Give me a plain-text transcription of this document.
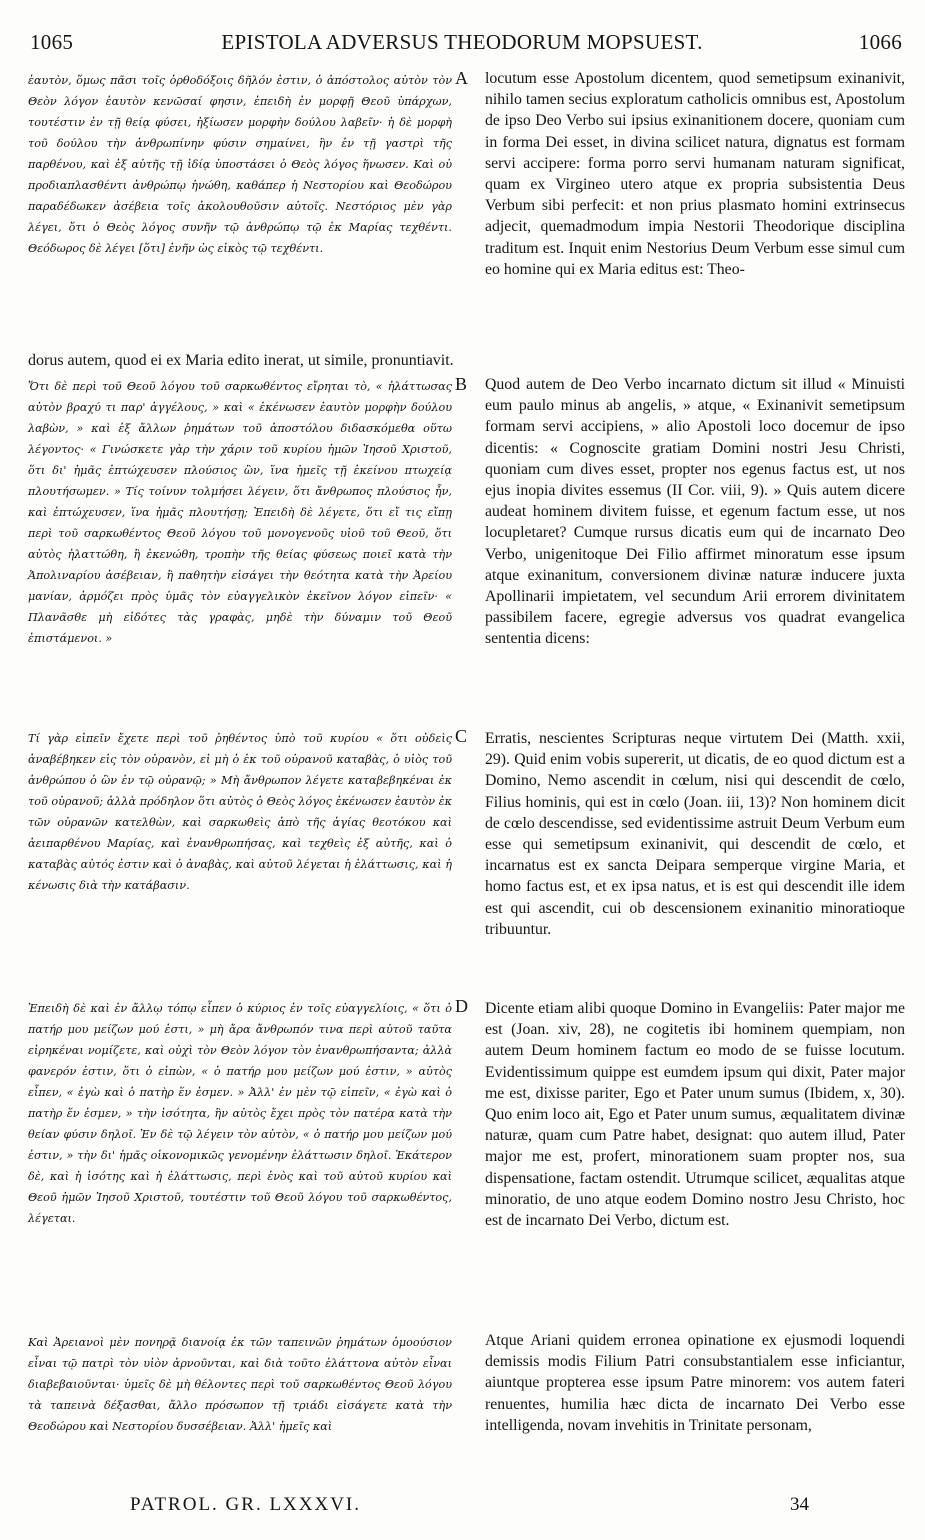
1065	EPISTOLA ADVERSUS THEODORUM MOPSUEST.	1066
ἑαυτὸν, ὅμως πᾶσι τοῖς ὀρθοδόξοις δῆλόν ἐστιν, ὁ ἀπόστολος αὐτὸν τὸν Θεὸν λόγον ἑαυτὸν κενῶσαί φησιν, ἐπειδὴ ἐν μορφῇ Θεοῦ ὑπάρχων, τουτέστιν ἐν τῇ θείᾳ φύσει, ἠξίωσεν μορφὴν δούλου λαβεῖν· ἡ δὲ μορφὴ τοῦ δούλου τὴν ἀνθρωπίνην φύσιν σημαίνει, ἣν ἐν τῇ γαστρὶ τῆς παρθένου, καὶ ἐξ αὐτῆς τῇ ἰδίᾳ ὑποστάσει ὁ Θεὸς λόγος ἥνωσεν. Καὶ οὐ προδιαπλασθέντι ἀνθρώπῳ ἡνώθη, καθάπερ ἡ Νεστορίου καὶ Θεοδώρου παραδέδωκεν ἀσέβεια τοῖς ἀκολουθοῦσιν αὐτοῖς. Νεστόριος μὲν γὰρ λέγει, ὅτι ὁ Θεὸς λόγος συνῆν τῷ ἀνθρώπῳ τῷ ἐκ Μαρίας τεχθέντι. Θεόδωρος δὲ λέγει [ὅτι] ἐνῆν ὡς εἰκὸς τῷ τεχθέντι.
A locutum esse Apostolum dicentem, quod semetipsum exinanivit, nihilo tamen secius exploratum catholicis omnibus est, Apostolum de ipso Deo Verbo sui ipsius exinanitionem docere, quoniam cum in forma Dei esset, in divina scilicet natura, dignatus est formam servi accipere: forma porro servi humanam naturam significat, quam ex Virgineo utero atque ex propria subsistentia Deus Verbum sibi perfecit: et non prius plasmato homini extrinsecus adjecit, quemadmodum impia Nestorii Theodorique disciplina traditum est. Inquit enim Nestorius Deum Verbum esse simul cum eo homine qui ex Maria editus est: Theo-
dorus autem, quod ei ex Maria edito inerat, ut simile, pronuntiavit.
Ὅτι δὲ περὶ τοῦ Θεοῦ λόγου τοῦ σαρκωθέντος εἴρηται τὸ, « ἠλάττωσας αὐτὸν βραχύ τι παρ' ἀγγέλους, » καὶ « ἐκένωσεν ἑαυτὸν μορφὴν δούλου λαβὼν, » καὶ ἐξ ἄλλων ῥημάτων τοῦ ἀποστόλου διδασκόμεθα οὕτω λέγοντος· « Γινώσκετε γὰρ τὴν χάριν τοῦ κυρίου ἡμῶν Ἰησοῦ Χριστοῦ, ὅτι δι' ἡμᾶς ἐπτώχευσεν πλούσιος ὢν, ἵνα ἡμεῖς τῇ ἐκείνου πτωχείᾳ πλουτήσωμεν. » Τίς τοίνυν τολμήσει λέγειν, ὅτι ἄνθρωπος πλούσιος ἦν, καὶ ἐπτώχευσεν, ἵνα ἡμᾶς πλουτήσῃ; Ἐπειδὴ δὲ λέγετε, ὅτι εἴ τις εἴπῃ περὶ τοῦ σαρκωθέντος Θεοῦ λόγου τοῦ μονογενοῦς υἱοῦ τοῦ Θεοῦ, ὅτι αὐτὸς ἠλαττώθη, ἢ ἐκενώθη, τροπὴν τῆς θείας φύσεως ποιεῖ κατὰ τὴν Ἀπολιναρίου ἀσέβειαν, ἢ παθητὴν εἰσάγει τὴν θεότητα κατὰ τὴν Ἀρείου μανίαν, ἁρμόζει πρὸς ὑμᾶς τὸν εὐαγγελικὸν ἐκεῖνον λόγον εἰπεῖν· « Πλανᾶσθε μὴ εἰδότες τὰς γραφὰς, μηδὲ τὴν δύναμιν τοῦ Θεοῦ ἐπιστάμενοι. »
B Quod autem de Deo Verbo incarnato dictum sit illud « Minuisti eum paulo minus ab angelis, » atque, « Exinanivit semetipsum formam servi accipiens, » alio Apostoli loco docemur de ipso dicentis: « Cognoscite gratiam Domini nostri Jesu Christi, quoniam cum dives esset, propter nos egenus factus est, ut nos ejus inopia divites essemus (II Cor. viii, 9). » Quis autem dicere audeat hominem divitem fuisse, et egenum factum esse, ut nos locupletaret? Cumque rursus dicatis eum qui de incarnato Deo Verbo, unigenitoque Dei Filio affirmet minoratum esse ipsum atque exinanitum, conversionem divinæ naturæ inducere juxta Apollinarii impietatem, vel secundum Arii errorem divinitatem passibilem facere, egregie adversus vos quadrat evangelica sententia dicens:
Τί γὰρ εἰπεῖν ἔχετε περὶ τοῦ ῥηθέντος ὑπὸ τοῦ κυρίου « ὅτι οὐδεὶς ἀναβέβηκεν εἰς τὸν οὐρανὸν, εἰ μὴ ὁ ἐκ τοῦ οὐρανοῦ καταβὰς, ὁ υἱὸς τοῦ ἀνθρώπου ὁ ὢν ἐν τῷ οὐρανῷ; » Μὴ ἄνθρωπον λέγετε καταβεβηκέναι ἐκ τοῦ οὐρανοῦ; ἀλλὰ πρόδηλον ὅτι αὐτὸς ὁ Θεὸς λόγος ἐκένωσεν ἑαυτὸν ἐκ τῶν οὐρανῶν κατελθὼν, καὶ σαρκωθεὶς ἀπὸ τῆς ἁγίας θεοτόκου καὶ ἀειπαρθένου Μαρίας, καὶ ἐνανθρωπήσας, καὶ τεχθεὶς ἐξ αὐτῆς, καὶ ὁ καταβὰς αὐτός ἐστιν καὶ ὁ ἀναβὰς, καὶ αὐτοῦ λέγεται ἡ ἐλάττωσις, καὶ ἡ κένωσις διὰ τὴν κατάβασιν.
C Erratis, nescientes Scripturas neque virtutem Dei (Matth. xxii, 29). Quid enim vobis supererit, ut dicatis, de eo quod dictum est a Domino, Nemo ascendit in cœlum, nisi qui descendit de cœlo, Filius hominis, qui est in cœlo (Joan. iii, 13)? Non hominem dicit de cœlo descendisse, sed evidentissime astruit Deum Verbum eum esse qui semetipsum exinanivit, qui descendit de cœlo, et incarnatus est ex sancta Deipara semperque virgine Maria, et homo factus est, et ex ipsa natus, et is est qui descendit ille idem est qui ascendit, cui ob descensionem exinanitio minoratioque tribuuntur.
Ἐπειδὴ δὲ καὶ ἐν ἄλλῳ τόπῳ εἶπεν ὁ κύριος ἐν τοῖς εὐαγγελίοις, « ὅτι ὁ πατήρ μου μείζων μού ἐστι, » μὴ ἄρα ἄνθρωπόν τινα περὶ αὐτοῦ ταῦτα εἰρηκέναι νομίζετε, καὶ οὐχὶ τὸν Θεὸν λόγον τὸν ἐνανθρωπήσαντα; ἀλλὰ φανερόν ἐστιν, ὅτι ὁ εἰπὼν, « ὁ πατήρ μου μείζων μού ἐστιν, » αὐτὸς εἶπεν, « ἐγὼ καὶ ὁ πατὴρ ἕν ἐσμεν. » Ἀλλ' ἐν μὲν τῷ εἰπεῖν, « ἐγὼ καὶ ὁ πατὴρ ἕν ἐσμεν, » τὴν ἰσότητα, ἣν αὐτὸς ἔχει πρὸς τὸν πατέρα κατὰ τὴν θείαν φύσιν δηλοῖ. Ἐν δὲ τῷ λέγειν τὸν αὐτὸν, « ὁ πατήρ μου μείζων μού ἐστιν, » τὴν δι' ἡμᾶς οἰκονομικῶς γενομένην ἐλάττωσιν δηλοῖ. Ἑκάτερον δὲ, καὶ ἡ ἰσότης καὶ ἡ ἐλάττωσις, περὶ ἑνὸς καὶ τοῦ αὐτοῦ κυρίου καὶ Θεοῦ ἡμῶν Ἰησοῦ Χριστοῦ, τουτέστιν τοῦ Θεοῦ λόγου τοῦ σαρκωθέντος, λέγεται.
D Dicente etiam alibi quoque Domino in Evangeliis: Pater major me est (Joan. xiv, 28), ne cogitetis ibi hominem quempiam, non autem Deum hominem factum eo modo de se fuisse locutum. Evidentissimum quippe est eumdem ipsum qui dixit, Pater major me est, dixisse pariter, Ego et Pater unum sumus (Ibidem, x, 30). Quo enim loco ait, Ego et Pater unum sumus, æqualitatem divinæ naturæ, quam cum Patre habet, designat: quo autem illud, Pater major me est, profert, minorationem suam propter nos, sua dispensatione, factam ostendit. Utrumque scilicet, æqualitas atque minoratio, de uno atque eodem Domino nostro Jesu Christo, hoc est de incarnato Dei Verbo, dictum est.
Καὶ Ἀρειανοὶ μὲν πονηρᾷ διανοίᾳ ἐκ τῶν ταπεινῶν ῥημάτων ὁμοούσιον εἶναι τῷ πατρὶ τὸν υἱὸν ἀρνοῦνται, καὶ διὰ τοῦτο ἐλάττονα αὐτὸν εἶναι διαβεβαιοῦνται· ὑμεῖς δὲ μὴ θέλοντες περὶ τοῦ σαρκωθέντος Θεοῦ λόγου τὰ ταπεινὰ δέξασθαι, ἄλλο πρόσωπον τῇ τριάδι εἰσάγετε κατὰ τὴν Θεοδώρου καὶ Νεστορίου δυσσέβειαν. Ἀλλ' ἡμεῖς καὶ
Atque Ariani quidem erronea opinatione ex ejusmodi loquendi demissis modis Filium Patri consubstantialem esse inficiantur, aiuntque propterea esse ipsum Patre minorem: vos autem fateri renuentes, humilia hæc dicta de incarnato Dei Verbo esse intelligenda, novam invehitis in Trinitate personam,
PATROL. GR. LXXXVI.	34
